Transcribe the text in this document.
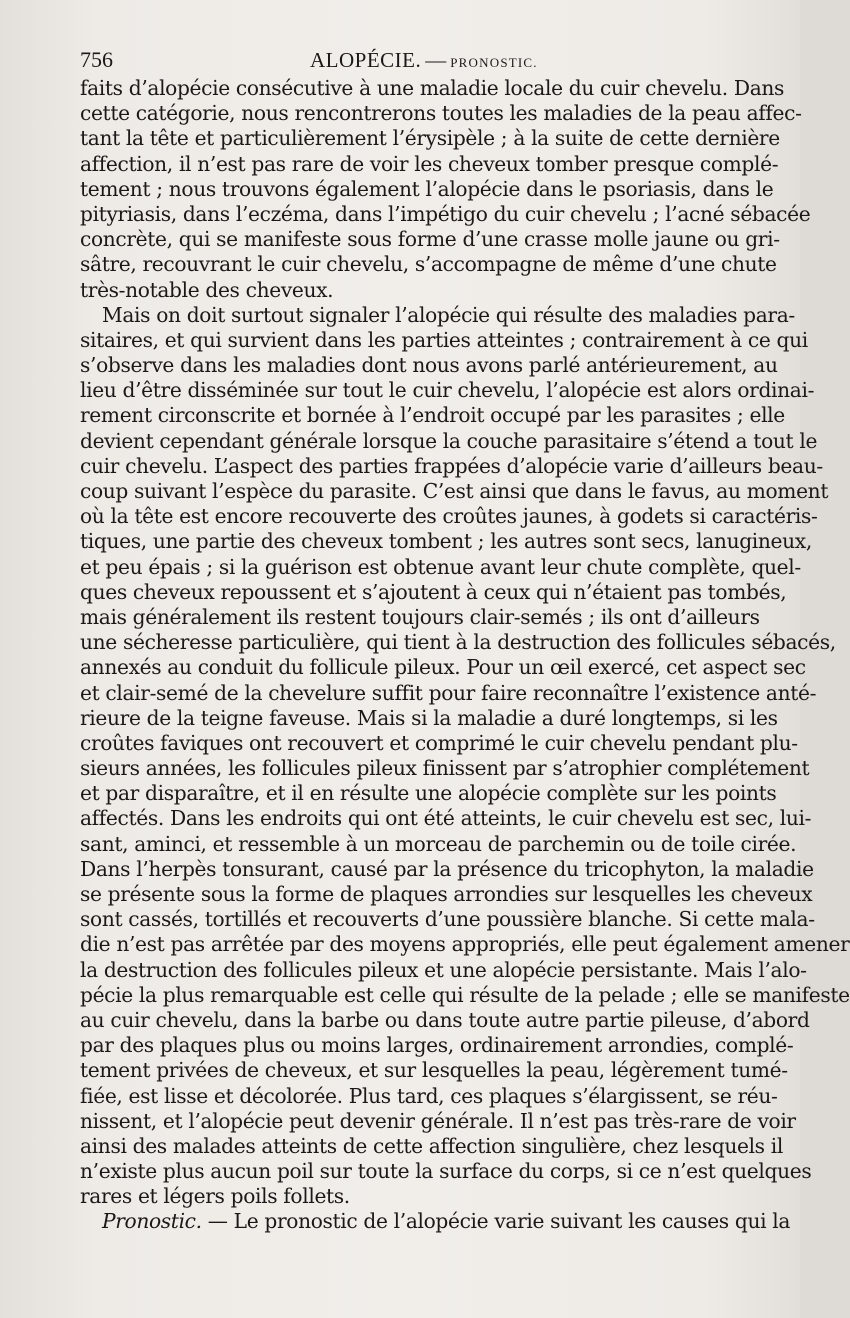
756	ALOPÉCIE. — PRONOSTIC.
faits d’alopécie consécutive à une maladie locale du cuir chevelu. Dans
cette catégorie, nous rencontrerons toutes les maladies de la peau affec-
tant la tête et particulièrement l’érysipèle ; à la suite de cette dernière
affection, il n’est pas rare de voir les cheveux tomber presque complé-
tement ; nous trouvons également l’alopécie dans le psoriasis, dans le
pityriasis, dans l’eczéma, dans l’impétigo du cuir chevelu ; l’acné sébacée
concrète, qui se manifeste sous forme d’une crasse molle jaune ou gri-
sâtre, recouvrant le cuir chevelu, s’accompagne de même d’une chute
très-notable des cheveux.
Mais on doit surtout signaler l’alopécie qui résulte des maladies para-
sitaires, et qui survient dans les parties atteintes ; contrairement à ce qui
s’observe dans les maladies dont nous avons parlé antérieurement, au
lieu d’être disséminée sur tout le cuir chevelu, l’alopécie est alors ordinai-
rement circonscrite et bornée à l’endroit occupé par les parasites ; elle
devient cependant générale lorsque la couche parasitaire s’étend a tout le
cuir chevelu. L’aspect des parties frappées d’alopécie varie d’ailleurs beau-
coup suivant l’espèce du parasite. C’est ainsi que dans le favus, au moment
où la tête est encore recouverte des croûtes jaunes, à godets si caractéris-
tiques, une partie des cheveux tombent ; les autres sont secs, lanugineux,
et peu épais ; si la guérison est obtenue avant leur chute complète, quel-
ques cheveux repoussent et s’ajoutent à ceux qui n’étaient pas tombés,
mais généralement ils restent toujours clair-semés ; ils ont d’ailleurs
une sécheresse particulière, qui tient à la destruction des follicules sébacés,
annexés au conduit du follicule pileux. Pour un œil exercé, cet aspect sec
et clair-semé de la chevelure suffit pour faire reconnaître l’existence anté-
rieure de la teigne faveuse. Mais si la maladie a duré longtemps, si les
croûtes faviques ont recouvert et comprimé le cuir chevelu pendant plu-
sieurs années, les follicules pileux finissent par s’atrophier complétement
et par disparaître, et il en résulte une alopécie complète sur les points
affectés. Dans les endroits qui ont été atteints, le cuir chevelu est sec, lui-
sant, aminci, et ressemble à un morceau de parchemin ou de toile cirée.
Dans l’herpès tonsurant, causé par la présence du tricophyton, la maladie
se présente sous la forme de plaques arrondies sur lesquelles les cheveux
sont cassés, tortillés et recouverts d’une poussière blanche. Si cette mala-
die n’est pas arrêtée par des moyens appropriés, elle peut également amener
la destruction des follicules pileux et une alopécie persistante. Mais l’alo-
pécie la plus remarquable est celle qui résulte de la pelade ; elle se manifeste
au cuir chevelu, dans la barbe ou dans toute autre partie pileuse, d’abord
par des plaques plus ou moins larges, ordinairement arrondies, complé-
tement privées de cheveux, et sur lesquelles la peau, légèrement tumé-
fiée, est lisse et décolorée. Plus tard, ces plaques s’élargissent, se réu-
nissent, et l’alopécie peut devenir générale. Il n’est pas très-rare de voir
ainsi des malades atteints de cette affection singulière, chez lesquels il
n’existe plus aucun poil sur toute la surface du corps, si ce n’est quelques
rares et légers poils follets.
Pronostic. — Le pronostic de l’alopécie varie suivant les causes qui la
